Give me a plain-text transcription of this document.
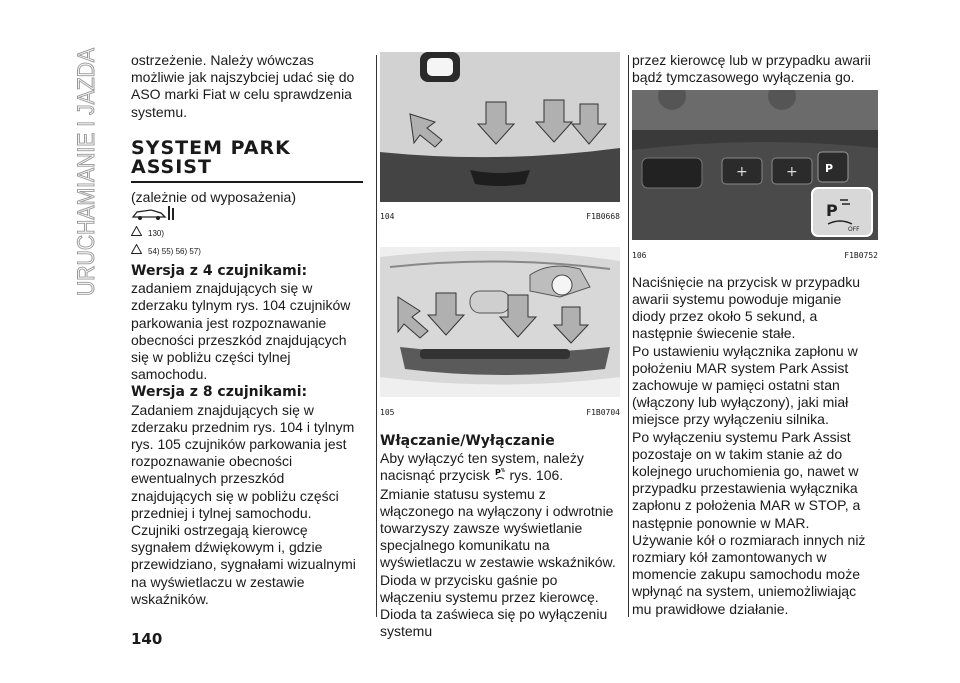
URUCHAMIANIE I JAZDA
140

ostrzeżenie. Należy wówczas możliwie jak najszybciej udać się do ASO marki Fiat w celu sprawdzenia systemu.

SYSTEM PARK
ASSIST

(zależnie od wyposażenia)

130)
54) 55) 56) 57)

Wersja z 4 czujnikami: zadaniem znajdujących się w zderzaku tylnym rys. 104 czujników parkowania jest rozpoznawanie obecności przeszkód znajdujących się w pobliżu części tylnej samochodu.

Wersja z 8 czujnikami: Zadaniem znajdujących się w zderzaku przednim rys. 104 i tylnym rys. 105 czujników parkowania jest rozpoznawanie obecności ewentualnych przeszkód znajdujących się w pobliżu części przedniej i tylnej samochodu.

Czujniki ostrzegają kierowcę sygnałem dźwiękowym i, gdzie przewidziano, sygnałami wizualnymi na wyświetlaczu w zestawie wskaźników.

104	F1B0668
105	F1B0704
Włączanie/Wyłączanie

Aby wyłączyć ten system, należy nacisnąć przycisk P rys. 106.

Zmianie statusu systemu z włączonego na wyłączony i odwrotnie towarzyszy zawsze wyświetlanie specjalnego komunikatu na wyświetlaczu w zestawie wskaźników.

Dioda w przycisku gaśnie po włączeniu systemu przez kierowcę. Dioda ta zaświeca się po wyłączeniu systemu

przez kierowcę lub w przypadku awarii bądź tymczasowego wyłączenia go.

+	+ P
P
OFF
106	F1B0752

Naciśnięcie na przycisk w przypadku awarii systemu powoduje miganie diody przez około 5 sekund, a następnie świecenie stałe.

Po ustawieniu wyłącznika zapłonu w położeniu MAR system Park Assist zachowuje w pamięci ostatni stan (włączony lub wyłączony), jaki miał miejsce przy wyłączeniu silnika.

Po wyłączeniu systemu Park Assist pozostaje on w takim stanie aż do kolejnego uruchomienia go, nawet w przypadku przestawienia wyłącznika zapłonu z położenia MAR w STOP, a następnie ponownie w MAR.

Używanie kół o rozmiarach innych niż rozmiary kół zamontowanych w momencie zakupu samochodu może wpłynąć na system, uniemożliwiając mu prawidłowe działanie.
